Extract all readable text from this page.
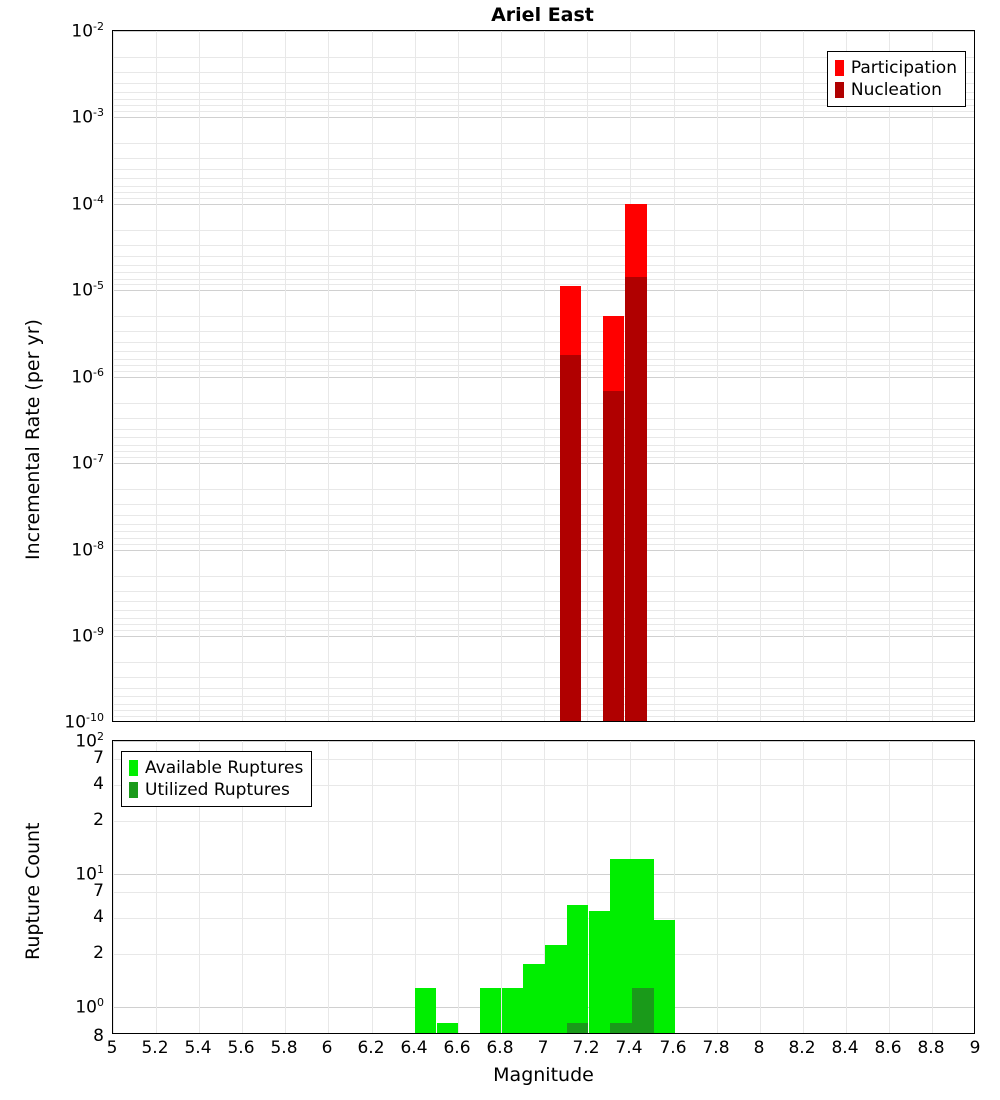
Ariel East
Participation
Nucleation
$10^{-2}$
$10^{-3}$
$10^{-4}$
$10^{-5}$
$10^{-6}$
$10^{-7}$
$10^{-8}$
$10^{-9}$
$10^{-10}$
Incremental Rate (per yr)
Available Ruptures
Utilized Ruptures
$10^2$
7
4
2
$10^1$
7
4
2
$10^0$
8
Rupture Count
5	5.2 5.4 5.6 5.8	6	6.2 6.4 6.6 6.8	7	7.2 7.4 7.6 7.8	8	8.2 8.4 8.6 8.8	9
Magnitude
